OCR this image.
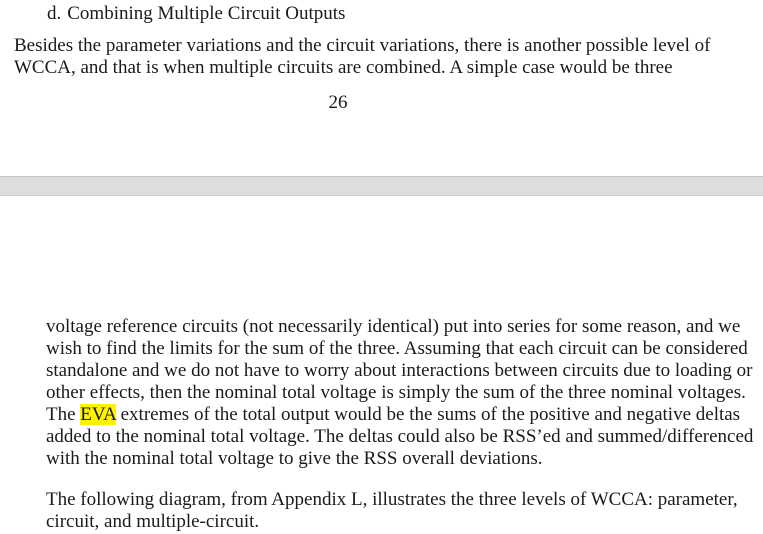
d. Combining Multiple Circuit Outputs
Besides the parameter variations and the circuit variations, there is another possible level of
WCCA, and that is when multiple circuits are combined. A simple case would be three
26
voltage reference circuits (not necessarily identical) put into series for some reason, and we
wish to find the limits for the sum of the three. Assuming that each circuit can be considered
standalone and we do not have to worry about interactions between circuits due to loading or
other effects, then the nominal total voltage is simply the sum of the three nominal voltages.
The EVA extremes of the total output would be the sums of the positive and negative deltas
added to the nominal total voltage. The deltas could also be RSS’ed and summed/differenced
with the nominal total voltage to give the RSS overall deviations.
The following diagram, from Appendix L, illustrates the three levels of WCCA: parameter,
circuit, and multiple-circuit.
